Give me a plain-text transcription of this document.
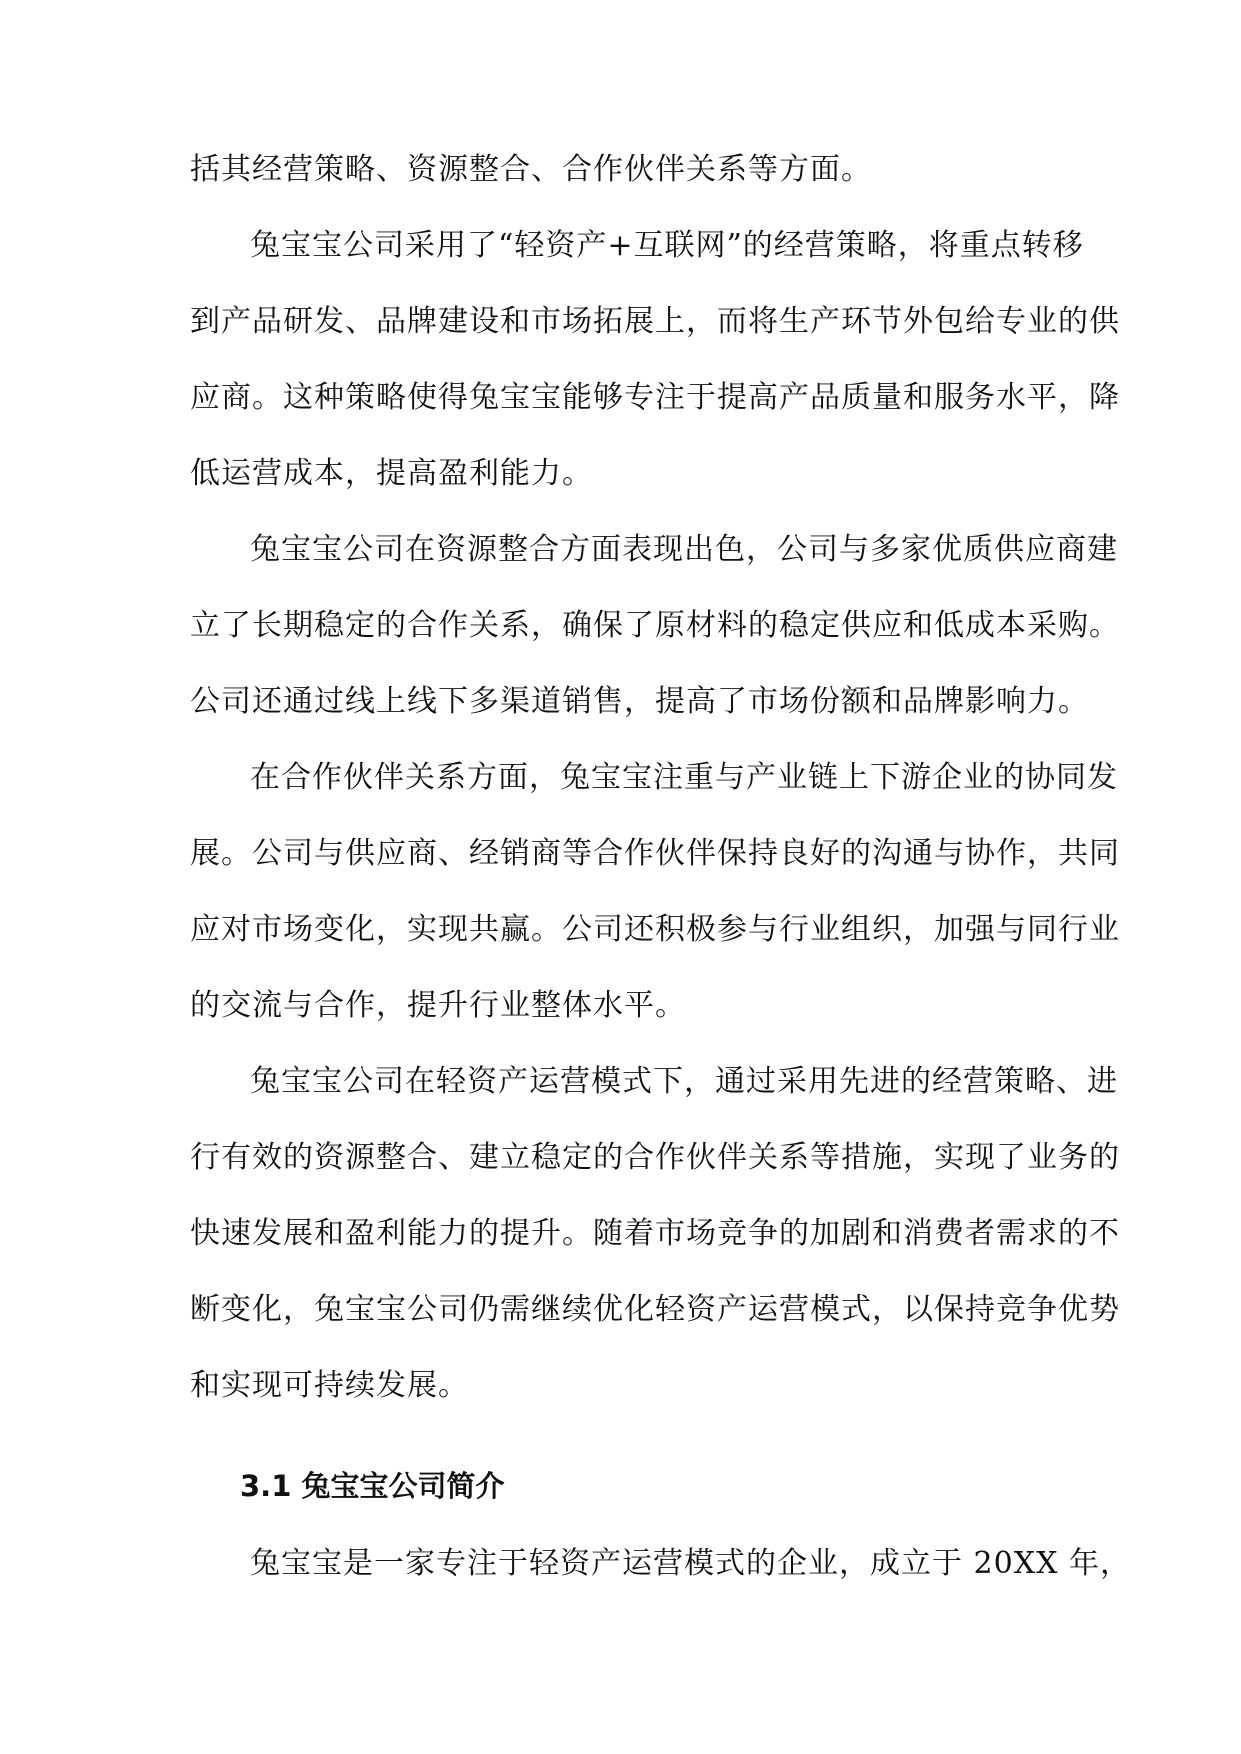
括其经营策略、资源整合、合作伙伴关系等方面。
兔宝宝公司采用了“轻资产+互联网”的经营策略，将重点转移
到产品研发、品牌建设和市场拓展上，而将生产环节外包给专业的供
应商。这种策略使得兔宝宝能够专注于提高产品质量和服务水平，降
低运营成本，提高盈利能力。
兔宝宝公司在资源整合方面表现出色，公司与多家优质供应商建
立了长期稳定的合作关系，确保了原材料的稳定供应和低成本采购。
公司还通过线上线下多渠道销售，提高了市场份额和品牌影响力。
在合作伙伴关系方面，兔宝宝注重与产业链上下游企业的协同发
展。公司与供应商、经销商等合作伙伴保持良好的沟通与协作，共同
应对市场变化，实现共赢。公司还积极参与行业组织，加强与同行业
的交流与合作，提升行业整体水平。
兔宝宝公司在轻资产运营模式下，通过采用先进的经营策略、进
行有效的资源整合、建立稳定的合作伙伴关系等措施，实现了业务的
快速发展和盈利能力的提升。随着市场竞争的加剧和消费者需求的不
断变化，兔宝宝公司仍需继续优化轻资产运营模式，以保持竞争优势
和实现可持续发展。
3.1 兔宝宝公司简介
兔宝宝是一家专注于轻资产运营模式的企业，成立于 20XX 年，
